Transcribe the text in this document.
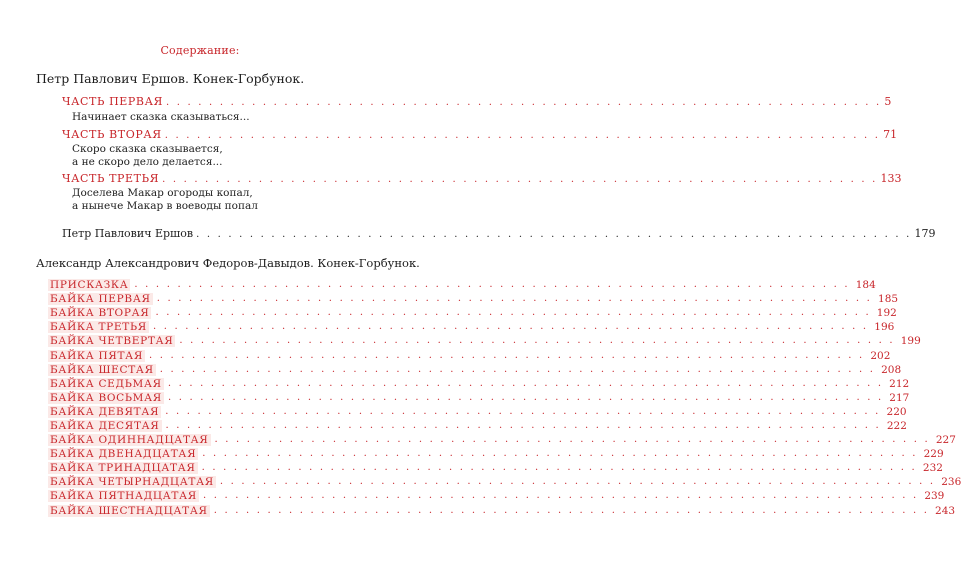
Содержание:
Петр Павлович Ершов. Конек-Горбунок.
ЧАСТЬ ПЕРВАЯ . . . . . . . . . . . . . . . . . . . . . . . . . . . . . . . . . . . . . . . . . . . . . . . . . . . . . . . . . . . . . . . . . . . 5
Начинает сказка сказываться...
ЧАСТЬ ВТОРАЯ . . . . . . . . . . . . . . . . . . . . . . . . . . . . . . . . . . . . . . . . . . . . . . . . . . . . . . . . . . . . . . . . . . . 71
Скоро сказка сказывается,
а не скоро дело делается...
ЧАСТЬ ТРЕТЬЯ . . . . . . . . . . . . . . . . . . . . . . . . . . . . . . . . . . . . . . . . . . . . . . . . . . . . . . . . . . . . . . . . . . . 133
Доселева Макар огороды копал,
а нынече Макар в воеводы попал
Петр Павлович Ершов . . . . . . . . . . . . . . . . . . . . . . . . . . . . . . . . . . . . . . . . . . . . . . . . . . . . . . . . . . . . . . . . . . . 179
Александр Александрович Федоров-Давыдов. Конек-Горбунок.
ПРИСКАЗКА . . . . . . . . . . . . . . . . . . . . . . . . . . . . . . . . . . . . . . . . . . . . . . . . . . . . . . . . . . . . . . . . . . . 184
БАЙКА ПЕРВАЯ . . . . . . . . . . . . . . . . . . . . . . . . . . . . . . . . . . . . . . . . . . . . . . . . . . . . . . . . . . . . . . . . . . . 185
БАЙКА ВТОРАЯ . . . . . . . . . . . . . . . . . . . . . . . . . . . . . . . . . . . . . . . . . . . . . . . . . . . . . . . . . . . . . . . . . . . 192
БАЙКА ТРЕТЬЯ . . . . . . . . . . . . . . . . . . . . . . . . . . . . . . . . . . . . . . . . . . . . . . . . . . . . . . . . . . . . . . . . . . . 196
БАЙКА ЧЕТВЕРТАЯ . . . . . . . . . . . . . . . . . . . . . . . . . . . . . . . . . . . . . . . . . . . . . . . . . . . . . . . . . . . . . . . . . . . 199
БАЙКА ПЯТАЯ . . . . . . . . . . . . . . . . . . . . . . . . . . . . . . . . . . . . . . . . . . . . . . . . . . . . . . . . . . . . . . . . . . . 202
БАЙКА ШЕСТАЯ . . . . . . . . . . . . . . . . . . . . . . . . . . . . . . . . . . . . . . . . . . . . . . . . . . . . . . . . . . . . . . . . . . . 208
БАЙКА СЕДЬМАЯ . . . . . . . . . . . . . . . . . . . . . . . . . . . . . . . . . . . . . . . . . . . . . . . . . . . . . . . . . . . . . . . . . . . 212
БАЙКА ВОСЬМАЯ . . . . . . . . . . . . . . . . . . . . . . . . . . . . . . . . . . . . . . . . . . . . . . . . . . . . . . . . . . . . . . . . . . . 217
БАЙКА ДЕВЯТАЯ . . . . . . . . . . . . . . . . . . . . . . . . . . . . . . . . . . . . . . . . . . . . . . . . . . . . . . . . . . . . . . . . . . . 220
БАЙКА ДЕСЯТАЯ . . . . . . . . . . . . . . . . . . . . . . . . . . . . . . . . . . . . . . . . . . . . . . . . . . . . . . . . . . . . . . . . . . . 222
БАЙКА ОДИННАДЦАТАЯ . . . . . . . . . . . . . . . . . . . . . . . . . . . . . . . . . . . . . . . . . . . . . . . . . . . . . . . . . . . . . . . . . . . 227
БАЙКА ДВЕНАДЦАТАЯ . . . . . . . . . . . . . . . . . . . . . . . . . . . . . . . . . . . . . . . . . . . . . . . . . . . . . . . . . . . . . . . . . . . 229
БАЙКА ТРИНАДЦАТАЯ . . . . . . . . . . . . . . . . . . . . . . . . . . . . . . . . . . . . . . . . . . . . . . . . . . . . . . . . . . . . . . . . . . . 232
БАЙКА ЧЕТЫРНАДЦАТАЯ . . . . . . . . . . . . . . . . . . . . . . . . . . . . . . . . . . . . . . . . . . . . . . . . . . . . . . . . . . . . . . . . . . . 236
БАЙКА ПЯТНАДЦАТАЯ . . . . . . . . . . . . . . . . . . . . . . . . . . . . . . . . . . . . . . . . . . . . . . . . . . . . . . . . . . . . . . . . . . . 239
БАЙКА ШЕСТНАДЦАТАЯ . . . . . . . . . . . . . . . . . . . . . . . . . . . . . . . . . . . . . . . . . . . . . . . . . . . . . . . . . . . . . . . . . . . 243
